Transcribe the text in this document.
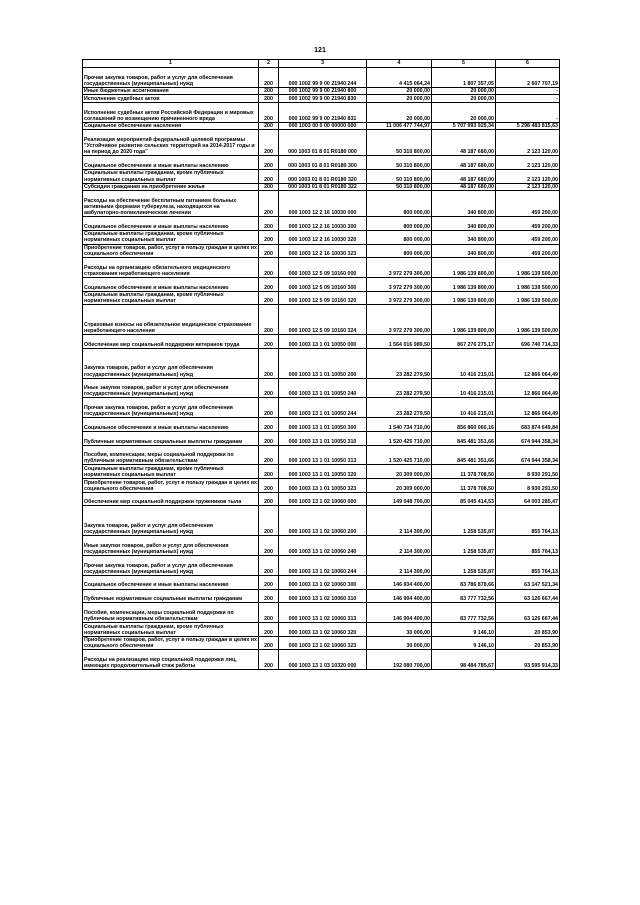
121
1	2	3	4	5	6
Прочая закупка товаров, работ и услуг для обеспечения государственных (муниципальных) нужд	200	000 1002 99 9 00 21940 244	4 415 064,24	1 807 357,05	2 607 707,19
Иные бюджетные ассигнования	200	000 1002 99 9 00 21940 800	20 000,00	20 000,00	-
Исполнение судебных актов	200	000 1002 99 9 00 21940 830	20 000,00	20 000,00	-
Исполнение судебных актов Российской Федерации и мировых соглашений по возмещению причиненного вреда	200	000 1002 99 9 00 21940 831	20 000,00	20 000,00	-
Социальное обеспечение населения	200	000 1003 00 0 00 00000 000	11 006 477 744,97	5 707 993 929,34	5 298 483 815,63
Реализация мероприятий федеральной целевой программы "Устойчивое развитие сельских территорий на 2014-2017 годы и на период до 2020 года"	200	000 1003 01 8 01 R0180 000	50 310 800,00	48 187 680,00	2 123 120,00
Социальное обеспечение и иные выплаты населению	200	000 1003 01 8 01 R0180 300	50 310 800,00	48 187 680,00	2 123 120,00
Социальные выплаты гражданам, кроме публичных нормативных социальных выплат	200	000 1003 01 8 01 R0180 320	50 310 800,00	48 187 680,00	2 123 120,00
Субсидии гражданам на приобретение жилья	200	000 1003 01 8 01 R0180 322	50 310 800,00	48 187 680,00	2 123 120,00
Расходы на обеспечение бесплатным питанием больных активными формами туберкулеза, находящихся на амбулаторно-поликлиническом лечении	200	000 1003 12 2 16 10030 000	800 000,00	340 800,00	459 200,00
Социальное обеспечение и иные выплаты населению	200	000 1003 12 2 16 10030 300	800 000,00	340 800,00	459 200,00
Социальные выплаты гражданам, кроме публичных нормативных социальных выплат	200	000 1003 12 2 16 10030 320	800 000,00	340 800,00	459 200,00
Приобретение товаров, работ, услуг в пользу граждан в целях их социального обеспечения	200	000 1003 12 2 16 10030 323	800 000,00	340 800,00	459 200,00
Расходы на организацию обязательного медицинского страхования неработающего населения	200	000 1003 12 5 09 10160 000	3 972 279 300,00	1 986 139 800,00	1 986 139 500,00
Социальное обеспечение и иные выплаты населению	200	000 1003 12 5 09 10160 300	3 972 279 300,00	1 986 139 800,00	1 986 139 500,00
Социальные выплаты гражданам, кроме публичных нормативных социальных выплат	200	000 1003 12 5 09 10160 320	3 972 279 300,00	1 986 139 800,00	1 986 139 500,00
Страховые взносы на обязательное медицинское страхование неработающего населения	200	000 1003 12 5 09 10160 324	3 972 279 300,00	1 986 139 800,00	1 986 139 500,00
Обеспечение мер социальной поддержки ветеранов труда	200	000 1003 13 1 01 10050 000	1 564 016 989,50	867 276 275,17	696 740 714,33
Закупка товаров, работ и услуг для обеспечения государственных (муниципальных) нужд	200	000 1003 13 1 01 10050 200	23 282 279,50	10 416 215,01	12 866 064,49
Иные закупки товаров, работ и услуг для обеспечения государственных (муниципальных) нужд	200	000 1003 13 1 01 10050 240	23 282 279,50	10 416 215,01	12 866 064,49
Прочая закупка товаров, работ и услуг для обеспечения государственных (муниципальных) нужд	200	000 1003 13 1 01 10050 244	23 282 279,50	10 416 215,01	12 866 064,49
Социальное обеспечение и иные выплаты населению	200	000 1003 13 1 01 10050 300	1 540 734 710,00	856 860 060,16	683 874 649,84
Публичные нормативные социальные выплаты гражданам	200	000 1003 13 1 01 10050 310	1 520 425 710,00	845 481 351,66	674 944 358,34
Пособия, компенсации, меры социальной поддержки по публичным нормативным обязательствам	200	000 1003 13 1 01 10050 313	1 520 425 710,00	845 481 351,66	674 944 358,34
Социальные выплаты гражданам, кроме публичных нормативных социальных выплат	200	000 1003 13 1 01 10050 320	20 309 000,00	11 378 708,50	8 930 291,50
Приобретение товаров, работ, услуг в пользу граждан в целях их социального обеспечения	200	000 1003 13 1 01 10050 323	20 309 000,00	11 378 708,50	8 930 291,50
Обеспечение мер социальной поддержки тружеников тыла	200	000 1003 13 1 02 10060 000	149 048 700,00	85 045 414,53	64 003 285,47
Закупка товаров, работ и услуг для обеспечения государственных (муниципальных) нужд	200	000 1003 13 1 02 10060 200	2 114 300,00	1 258 535,87	855 764,13
Иные закупки товаров, работ и услуг для обеспечения государственных (муниципальных) нужд	200	000 1003 13 1 02 10060 240	2 114 300,00	1 258 535,87	855 764,13
Прочая закупка товаров, работ и услуг для обеспечения государственных (муниципальных) нужд	200	000 1003 13 1 02 10060 244	2 114 300,00	1 258 535,87	855 764,13
Социальное обеспечение и иные выплаты населению	200	000 1003 13 1 02 10060 300	146 934 400,00	83 786 878,66	63 147 521,34
Публичные нормативные социальные выплаты гражданам	200	000 1003 13 1 02 10060 310	146 904 400,00	83 777 732,56	63 126 667,44
Пособия, компенсации, меры социальной поддержки по публичным нормативным обязательствам	200	000 1003 13 1 02 10060 313	146 904 400,00	83 777 732,56	63 126 667,44
Социальные выплаты гражданам, кроме публичных нормативных социальных выплат	200	000 1003 13 1 02 10060 320	30 000,00	9 146,10	20 853,90
Приобретение товаров, работ, услуг в пользу граждан в целях их социального обеспечения	200	000 1003 13 1 02 10060 323	30 000,00	9 146,10	20 853,90
Расходы на реализацию мер социальной поддержки лиц, имеющих продолжительный стаж работы	200	000 1003 13 1 03 10320 000	192 080 700,00	98 484 785,67	93 595 914,33
